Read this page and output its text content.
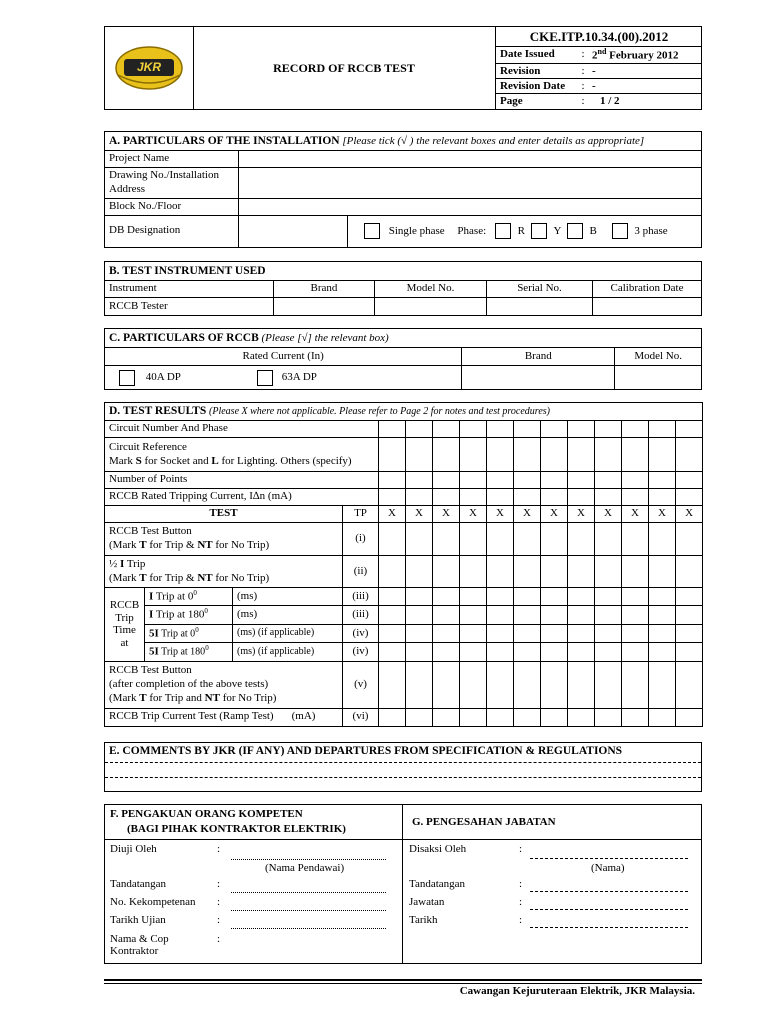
JKR	RECORD OF RCCB TEST
CKE.ITP.10.34.(00).2012
Date Issued	:	2nd February 2012
Revision	:	-
Revision Date	:	-
Page	:	1 / 2
A. PARTICULARS OF THE INSTALLATION [Please tick (√ ) the relevant boxes and enter details as appropriate]		
Project Name		
Drawing No./Installation Address		
Block No./Floor		
DB Designation		Single phase Phase: R Y B 3 phase
B. TEST INSTRUMENT USED				
Instrument	Brand	Model No.	Serial No.	Calibration Date
RCCB Tester				
C. PARTICULARS OF RCCB (Please [√] the relevant box)			
Rated Current (In)		Brand	Model No.
40A DP	63A DP		
D. TEST RESULTS (Please X where not applicable. Please refer to Page 2 for notes and test procedures)															
Circuit Number And Phase															
Circuit Reference
Mark S for Socket and L for Lighting. Others (specify)															
Number of Points															
RCCB Rated Tripping Current, I∆n (mA)															
TEST			TP	X	X	X	X	X	X	X	X	X	X	X	X
RCCB Test Button
(Mark T for Trip & NT for No Trip)			(i)												
½ I Trip
(Mark T for Trip & NT for No Trip)			(ii)												
RCCB
Trip
Time
at	I Trip at $0^0$	(ms)	(iii)												
	I Trip at $180^0$	(ms)	(iii)												
	5I Trip at $0^0$	(ms) (if applicable)	(iv)												
	5I Trip at $180^0$	(ms) (if applicable)	(iv)												
RCCB Test Button
(after completion of the above tests)
(Mark T for Trip and NT for No Trip)			(v)												
RCCB Trip Current Test (Ramp Test) (mA)			(vi)												
E. COMMENTS BY JKR (IF ANY) AND DEPARTURES FROM SPECIFICATION & REGULATIONS
F. PENGAKUAN ORANG KOMPETEN
(BAGI PIHAK KONTRAKTOR ELEKTRIK)
G. PENGESAHAN JABATAN
Diuji Oleh	:
(Nama Pendawai)
Tandatangan	:
No. Kekompetenan :
Tarikh Ujian	:
Nama & Cop
Kontraktor
:
Disaksi Oleh	:
(Nama)
Tandatangan	:
Jawatan	:
Tarikh	:
Cawangan Kejuruteraan Elektrik, JKR Malaysia.
